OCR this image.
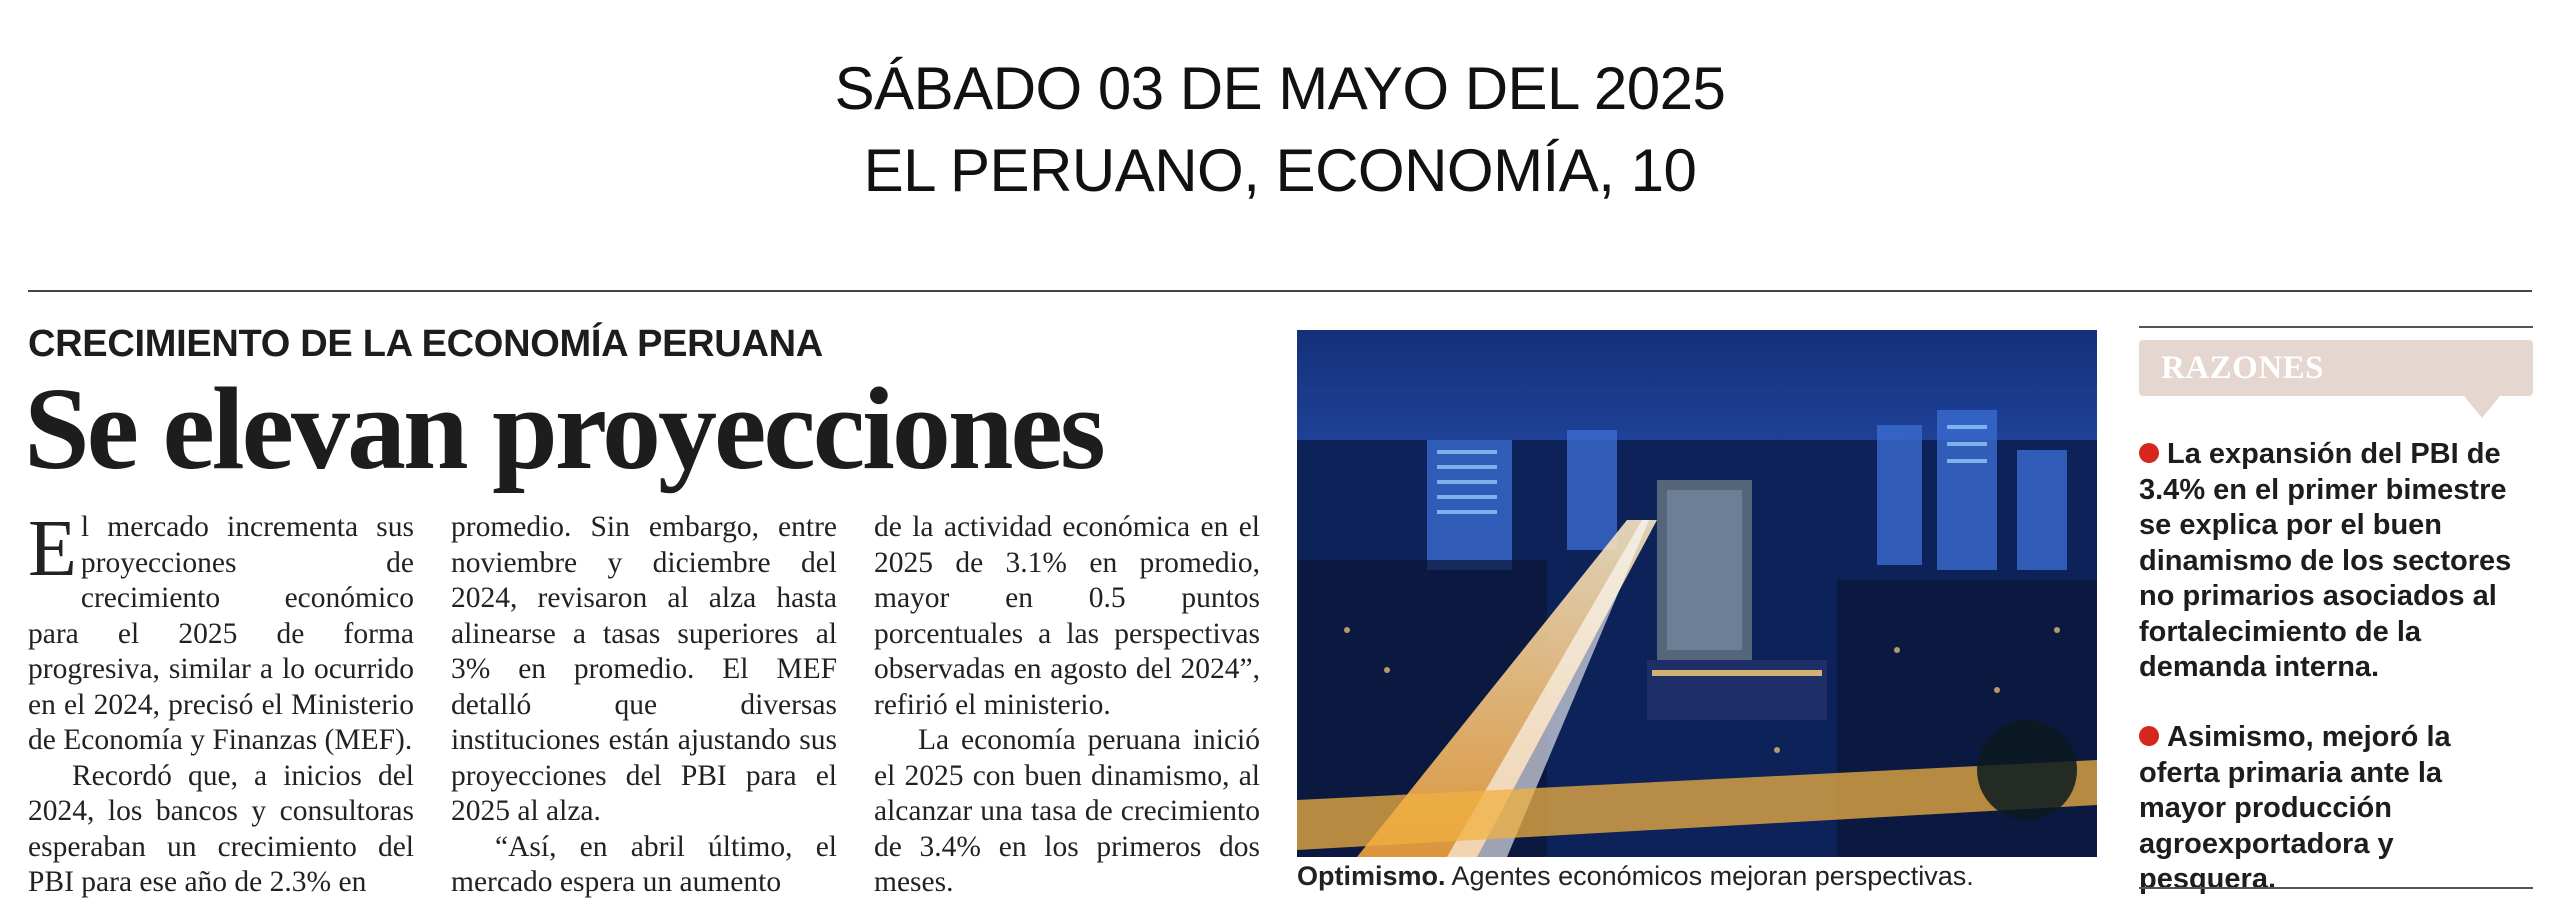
SÁBADO 03 DE MAYO DEL 2025
EL PERUANO, ECONOMÍA, 10
CRECIMIENTO DE LA ECONOMÍA PERUANA
Se elevan proyecciones

El mercado incrementa sus proyecciones de crecimiento económico para el 2025 de forma progresiva, similar a lo ocurrido en el 2024, precisó el Ministerio de Economía y Finanzas (MEF).

Recordó que, a inicios del 2024, los bancos y consultoras esperaban un crecimiento del PBI para ese año de 2.3% en

promedio. Sin embargo, entre noviembre y diciembre del 2024, revisaron al alza hasta alinearse a tasas superiores al 3% en promedio. El MEF detalló que diversas instituciones están ajustando sus proyecciones del PBI para el 2025 al alza.

“Así, en abril último, el mercado espera un aumento

de la actividad económica en el 2025 de 3.1% en promedio, mayor en 0.5 puntos porcentuales a las perspectivas observadas en agosto del 2024”, refirió el ministerio.

La economía peruana inició el 2025 con buen dinamismo, al alcanzar una tasa de crecimiento de 3.4% en los primeros dos meses.	Optimismo. Agentes económicos mejoran perspectivas.
RAZONES
La expansión del PBI de 3.4% en el primer bimestre se explica por el buen dinamismo de los sectores no primarios asociados al fortalecimiento de la demanda interna.
Asimismo, mejoró la oferta primaria ante la mayor producción agroexportadora y pesquera.
